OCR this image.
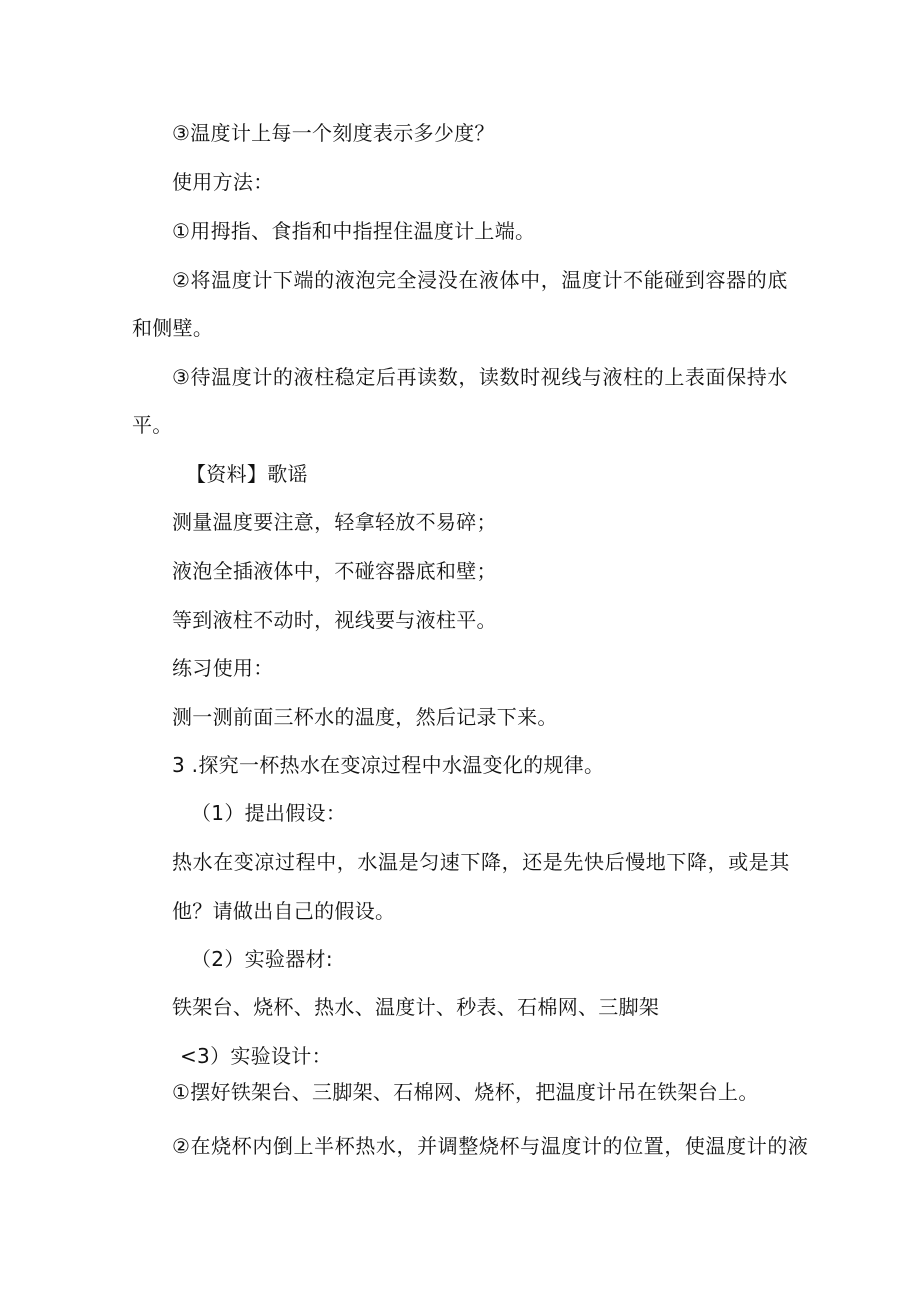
③温度计上每一个刻度表示多少度？
使用方法：
①用拇指、食指和中指捏住温度计上端。
②将温度计下端的液泡完全浸没在液体中，温度计不能碰到容器的底
和侧壁。
③待温度计的液柱稳定后再读数，读数时视线与液柱的上表面保持水
平。
【资料】歌谣
测量温度要注意，轻拿轻放不易碎；
液泡全插液体中，不碰容器底和壁；
等到液柱不动时，视线要与液柱平。
练习使用：
测一测前面三杯水的温度，然后记录下来。
3 .探究一杯热水在变凉过程中水温变化的规律。
（1）提出假设：
热水在变凉过程中，水温是匀速下降，还是先快后慢地下降，或是其
他？请做出自己的假设。
（2）实验器材:
铁架台、烧杯、热水、温度计、秒表、石棉网、三脚架
<3）实验设计：
①摆好铁架台、三脚架、石棉网、烧杯，把温度计吊在铁架台上。
②在烧杯内倒上半杯热水，并调整烧杯与温度计的位置，使温度计的液
